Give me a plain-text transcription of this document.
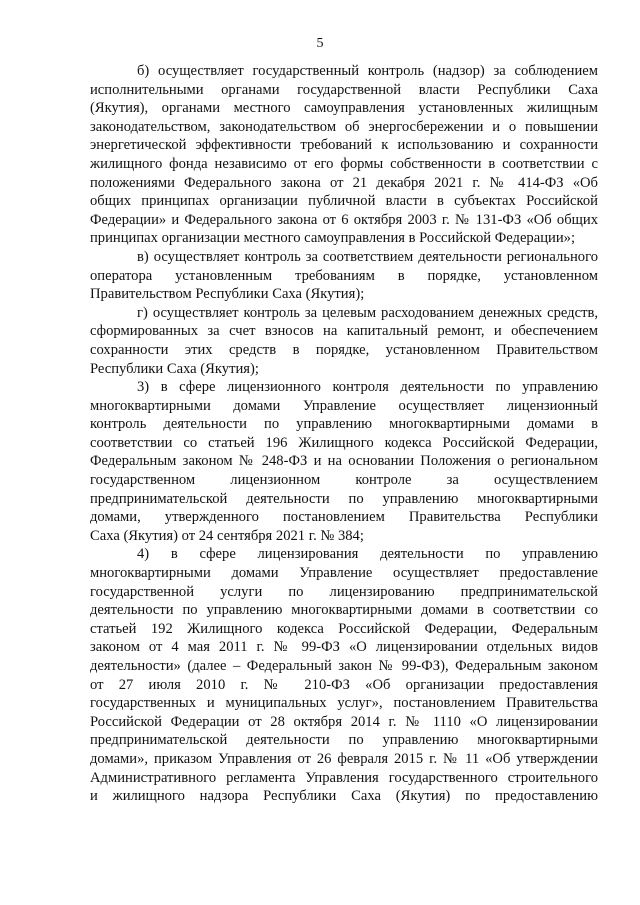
5

б) осуществляет государственный контроль (надзор) за соблюдением
исполнительными органами государственной власти Республики Саха
(Якутия), органами местного самоуправления установленных жилищным
законодательством, законодательством об энергосбережении и о повышении
энергетической эффективности требований к использованию и сохранности
жилищного фонда независимо от его формы собственности в соответствии с
положениями Федерального закона от 21 декабря 2021 г. № 414-ФЗ «Об
общих принципах организации публичной власти в субъектах Российской
Федерации» и Федерального закона от 6 октября 2003 г. № 131-ФЗ «Об общих
принципах организации местного самоуправления в Российской Федерации»;

в) осуществляет контроль за соответствием деятельности регионального
оператора установленным требованиям в порядке, установленном
Правительством Республики Саха (Якутия);

г) осуществляет контроль за целевым расходованием денежных средств,
сформированных за счет взносов на капитальный ремонт, и обеспечением
сохранности этих средств в порядке, установленном Правительством
Республики Саха (Якутия);

3) в сфере лицензионного контроля деятельности по управлению
многоквартирными домами Управление осуществляет лицензионный
контроль деятельности по управлению многоквартирными домами в
соответствии со статьей 196 Жилищного кодекса Российской Федерации,
Федеральным законом № 248-ФЗ и на основании Положения о региональном
государственном лицензионном контроле за осуществлением
предпринимательской деятельности по управлению многоквартирными
домами, утвержденного постановлением Правительства Республики
Саха (Якутия) от 24 сентября 2021 г. № 384;

4) в сфере лицензирования деятельности по управлению
многоквартирными домами Управление осуществляет предоставление
государственной услуги по лицензированию предпринимательской
деятельности по управлению многоквартирными домами в соответствии со
статьей 192 Жилищного кодекса Российской Федерации, Федеральным
законом от 4 мая 2011 г. № 99-ФЗ «О лицензировании отдельных видов
деятельности» (далее – Федеральный закон № 99-ФЗ), Федеральным законом
от 27 июля 2010 г. № 210-ФЗ «Об организации предоставления
государственных и муниципальных услуг», постановлением Правительства
Российской Федерации от 28 октября 2014 г. № 1110 «О лицензировании
предпринимательской деятельности по управлению многоквартирными
домами», приказом Управления от 26 февраля 2015 г. № 11 «Об утверждении
Административного регламента Управления государственного строительного
и жилищного надзора Республики Саха (Якутия) по предоставлению
